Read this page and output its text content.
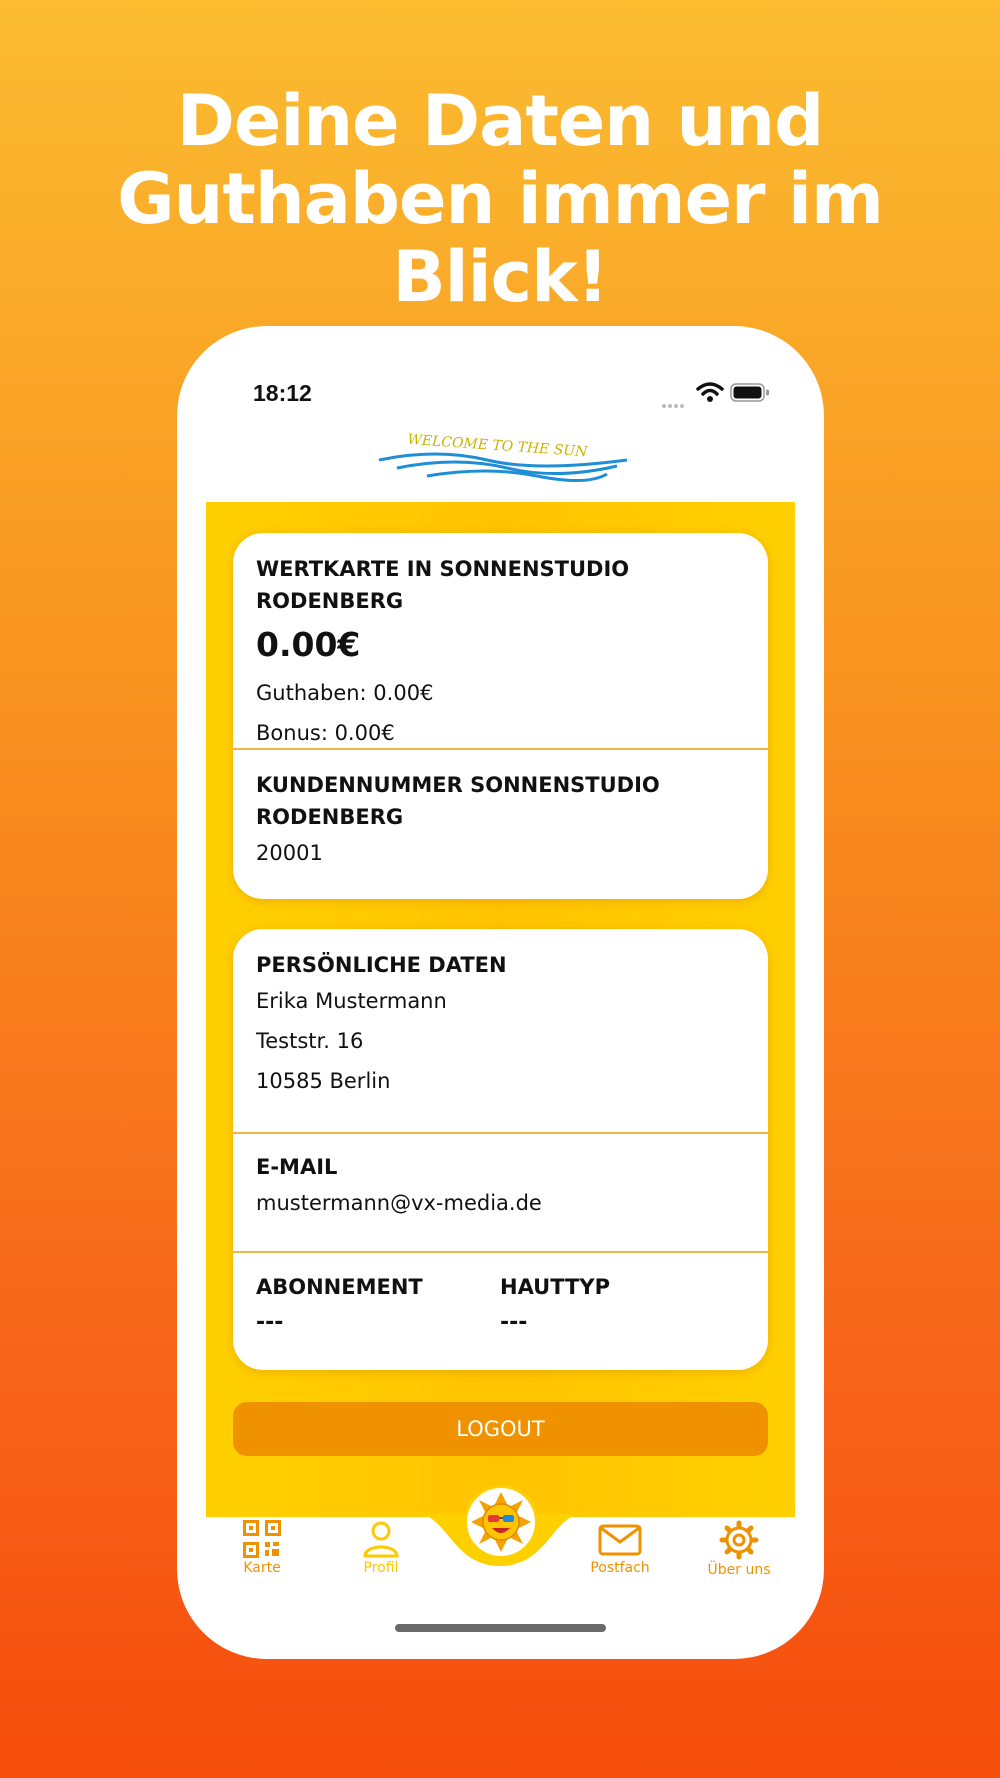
Deine Daten und
Guthaben immer im Blick!
18:12
WELCOME TO THE SUN
WERTKARTE IN SONNENSTUDIO RODENBERG
0.00€
Guthaben: 0.00€
Bonus: 0.00€
KUNDENNUMMER SONNENSTUDIO
RODENBERG
20001
PERSÖNLICHE DATEN
Erika Mustermann
Teststr. 16
10585 Berlin
E-MAIL
mustermann@vx-media.de
ABONNEMENT
---
HAUTTYP
---
LOGOUT
Karte	Profil	Postfach	Über uns
